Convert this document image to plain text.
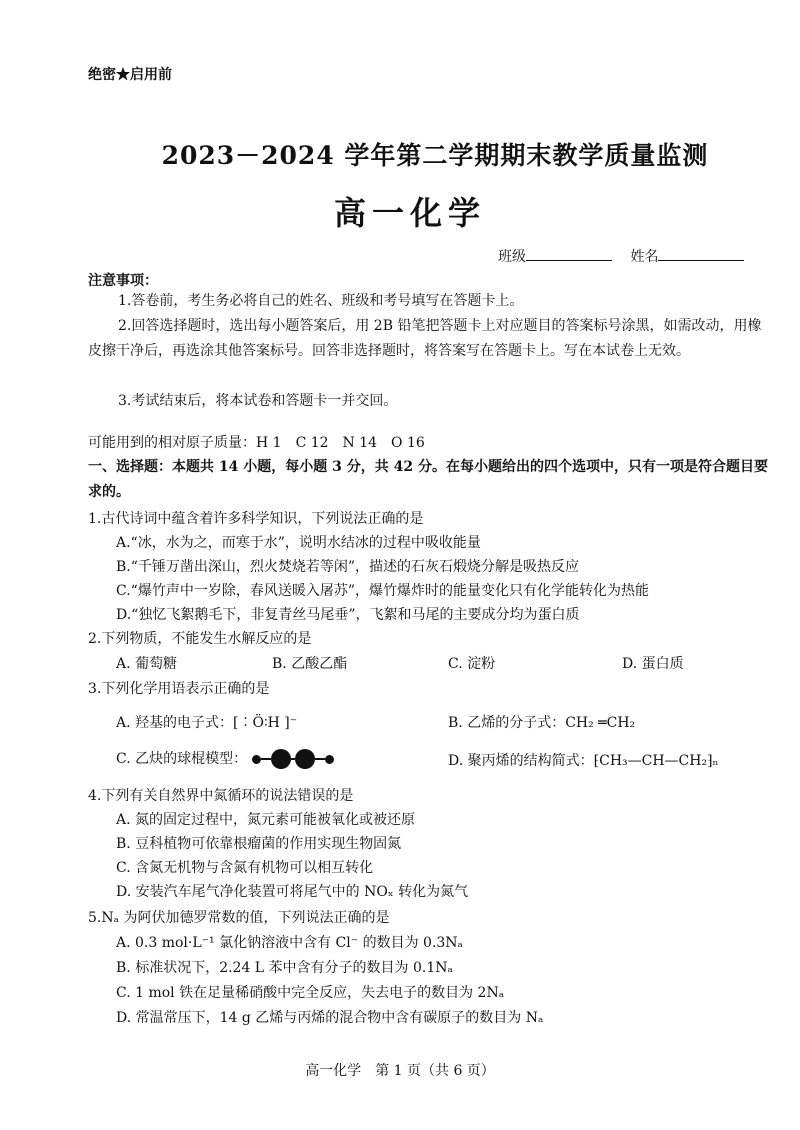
绝密★启用前
2023－2024 学年第二学期期末教学质量监测
高一化学
班级	姓名
注意事项：
1.答卷前，考生务必将自己的姓名、班级和考号填写在答题卡上。
2.回答选择题时，选出每小题答案后，用 2B 铅笔把答题卡上对应题目的答案标号涂黑，如需改动，用橡皮擦干净后，再选涂其他答案标号。回答非选择题时，将答案写在答题卡上。写在本试卷上无效。
3.考试结束后，将本试卷和答题卡一并交回。
可能用到的相对原子质量：H 1　C 12　N 14　O 16
一、选择题：本题共 14 小题，每小题 3 分，共 42 分。在每小题给出的四个选项中，只有一项是符合题目要求的。
1.古代诗词中蕴含着许多科学知识，下列说法正确的是
A.“冰，水为之，而寒于水”，说明水结冰的过程中吸收能量
B.“千锤万凿出深山，烈火焚烧若等闲”，描述的石灰石煅烧分解是吸热反应
C.“爆竹声中一岁除，春风送暖入屠苏”，爆竹爆炸时的能量变化只有化学能转化为热能
D.“独忆飞絮鹅毛下，非复青丝马尾垂”，飞絮和马尾的主要成分均为蛋白质
2.下列物质，不能发生水解反应的是
A. 葡萄糖	B. 乙酸乙酯	C. 淀粉	D. 蛋白质
3.下列化学用语表示正确的是
A. 羟基的电子式：[∶Ö∶H ]⁻	B. 乙烯的分子式：CH₂ ═CH₂
C. 乙炔的球棍模型：	D. 聚丙烯的结构简式：⁅CH₃—CH—CH₂⁆ₙ
4.下列有关自然界中氮循环的说法错误的是
A. 氮的固定过程中，氮元素可能被氧化或被还原
B. 豆科植物可依靠根瘤菌的作用实现生物固氮
C. 含氮无机物与含氮有机物可以相互转化
D. 安装汽车尾气净化装置可将尾气中的 NOₓ 转化为氮气
5.Nₐ 为阿伏加德罗常数的值，下列说法正确的是
A. 0.3 mol·L⁻¹ 氯化钠溶液中含有 Cl⁻ 的数目为 0.3Nₐ
B. 标准状况下，2.24 L 苯中含有分子的数目为 0.1Nₐ
C. 1 mol 铁在足量稀硝酸中完全反应，失去电子的数目为 2Nₐ
D. 常温常压下，14 g 乙烯与丙烯的混合物中含有碳原子的数目为 Nₐ
高一化学　第 1 页（共 6 页）
